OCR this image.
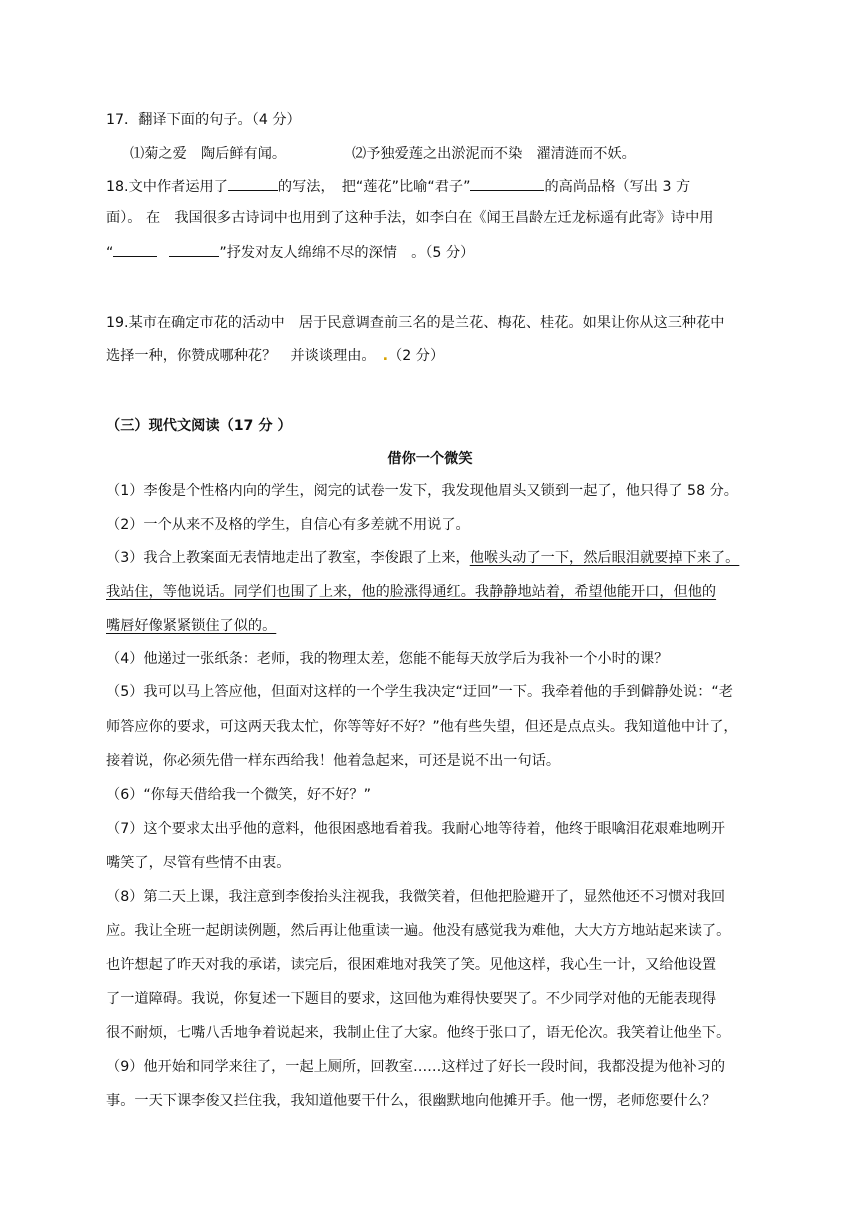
17．翻译下面的句子。（4 分）
⑴菊之爱　陶后鲜有闻。	⑵予独爱莲之出淤泥而不染　濯清涟而不妖。
18.文中作者运用了	的写法，　把“莲花”比喻“君子”	的高尚品格（写出 3 方
面）。 在　我国很多古诗词中也用到了这种手法，如李白在《闻王昌龄左迁龙标遥有此寄》诗中用
“	”抒发对友人绵绵不尽的深情　。（5 分）
19.某市在确定市花的活动中　居于民意调查前三名的是兰花、梅花、桂花。如果让你从这三种花中
选择一种，你赞成哪种花？　并谈谈理由。　.（2 分）
（三）现代文阅读（17 分 ）
借你一个微笑
（1）李俊是个性格内向的学生，阅完的试卷一发下，我发现他眉头又锁到一起了，他只得了 58 分。
（2）一个从来不及格的学生，自信心有多差就不用说了。
（3）我合上教案面无表情地走出了教室，李俊跟了上来，他喉头动了一下，然后眼泪就要掉下来了。
我站住，等他说话。同学们也围了上来，他的脸涨得通红。我静静地站着，希望他能开口，但他的
嘴唇好像紧紧锁住了似的。
（4）他递过一张纸条：老师，我的物理太差，您能不能每天放学后为我补一个小时的课？
（5）我可以马上答应他，但面对这样的一个学生我决定“迂回”一下。我牵着他的手到僻静处说：“老
师答应你的要求，可这两天我太忙，你等等好不好？”他有些失望，但还是点点头。我知道他中计了，
接着说，你必须先借一样东西给我！他着急起来，可还是说不出一句话。
（6）“你每天借给我一个微笑，好不好？”
（7）这个要求太出乎他的意料，他很困惑地看着我。我耐心地等待着，他终于眼噙泪花艰难地咧开
嘴笑了，尽管有些情不由衷。
（8）第二天上课，我注意到李俊抬头注视我，我微笑着，但他把脸避开了，显然他还不习惯对我回
应。我让全班一起朗读例题，然后再让他重读一遍。他没有感觉我为难他，大大方方地站起来读了。
也许想起了昨天对我的承诺，读完后，很困难地对我笑了笑。见他这样，我心生一计，又给他设置
了一道障碍。我说，你复述一下题目的要求，这回他为难得快要哭了。不少同学对他的无能表现得
很不耐烦，七嘴八舌地争着说起来，我制止住了大家。他终于张口了，语无伦次。我笑着让他坐下。
（9）他开始和同学来往了，一起上厕所，回教室……这样过了好长一段时间，我都没提为他补习的
事。一天下课李俊又拦住我，我知道他要干什么，很幽默地向他摊开手。他一愣，老师您要什么？
